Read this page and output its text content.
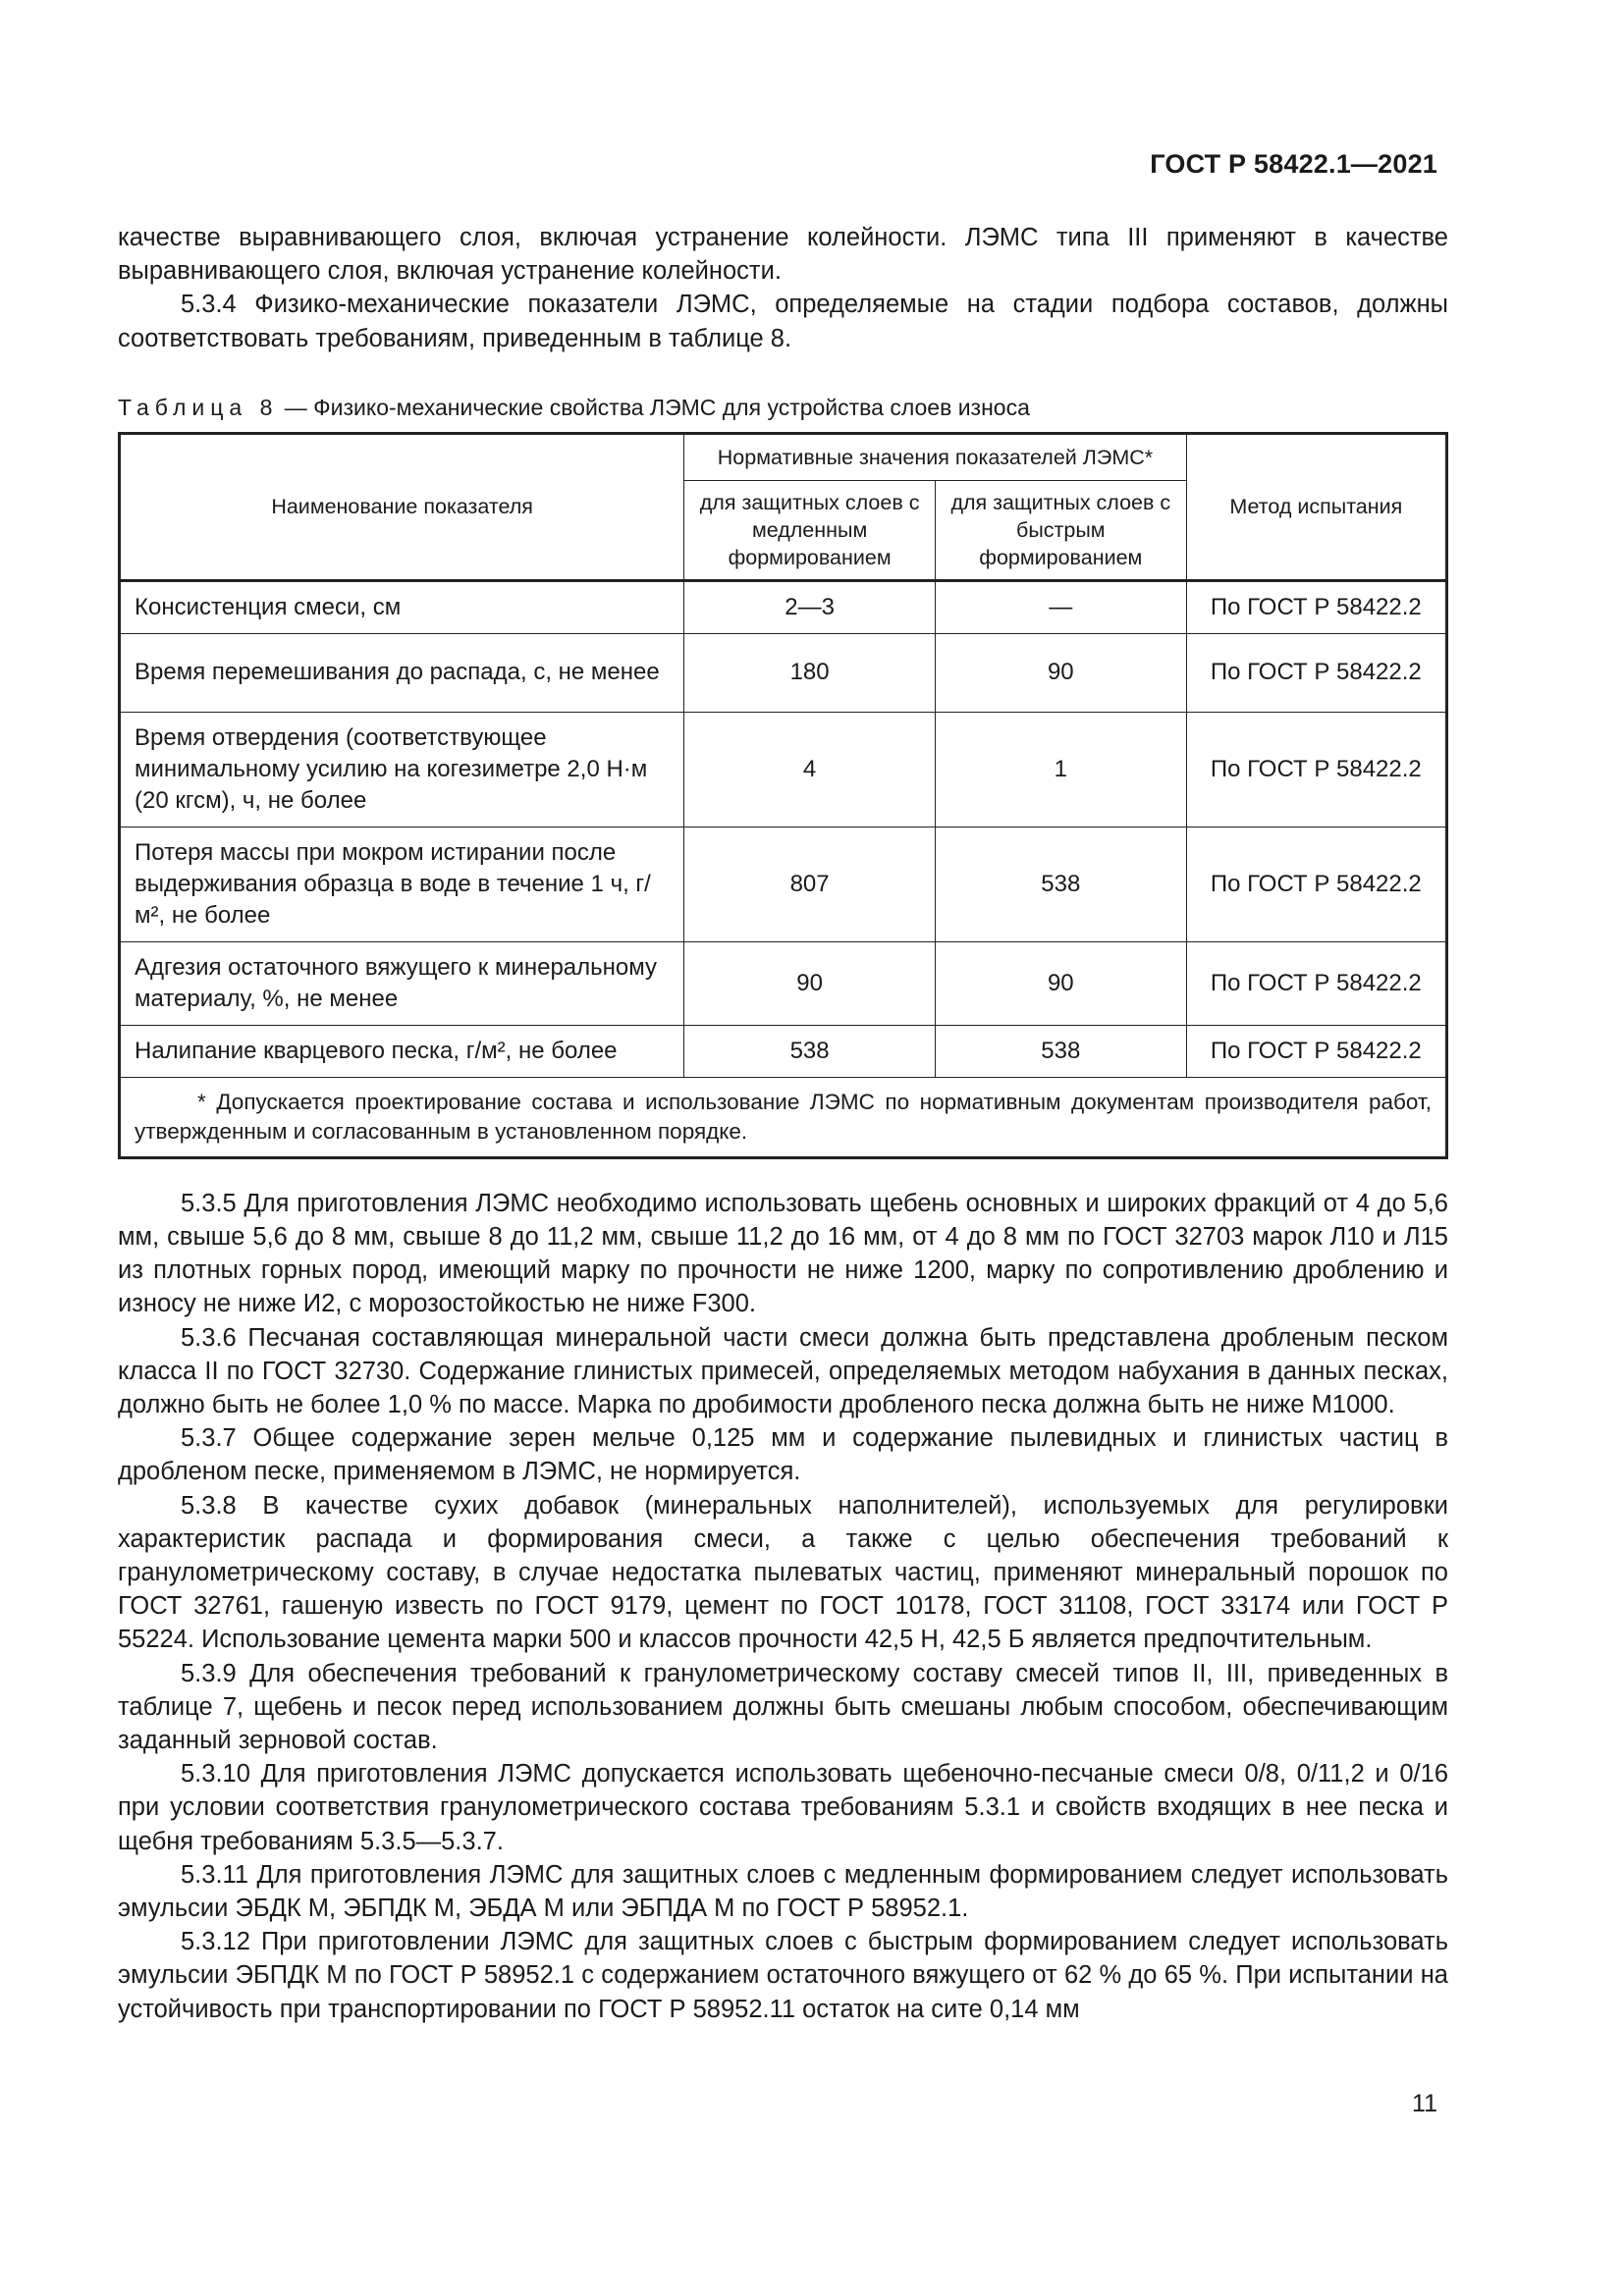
ГОСТ Р 58422.1—2021

качестве выравнивающего слоя, включая устранение колейности. ЛЭМС типа III применяют в качестве выравнивающего слоя, включая устранение колейности.

5.3.4 Физико-механические показатели ЛЭМС, определяемые на стадии подбора составов, должны соответствовать требованиям, приведенным в таблице 8.

Таблица 8 — Физико-механические свойства ЛЭМС для устройства слоев износа
Наименование показателя	Нормативные значения показателей ЛЭМС*		Метод испытания
	для защитных слоев с медленным формированием	для защитных слоев с быстрым формированием	
Консистенция смеси, см	2—3	—	По ГОСТ Р 58422.2
Время перемешивания до распада, с, не менее	180	90	По ГОСТ Р 58422.2
Время отвердения (соответствующее минимальному усилию на когезиметре 2,0 Н·м (20 кгсм), ч, не более	4	1	По ГОСТ Р 58422.2
Потеря массы при мокром истирании после выдерживания образца в воде в течение 1 ч, г/м², не более	807	538	По ГОСТ Р 58422.2
Адгезия остаточного вяжущего к минеральному материалу, %, не менее	90	90	По ГОСТ Р 58422.2
Налипание кварцевого песка, г/м², не более	538	538	По ГОСТ Р 58422.2
* Допускается проектирование состава и использование ЛЭМС по нормативным документам производителя работ, утвержденным и согласованным в установленном порядке.			

5.3.5 Для приготовления ЛЭМС необходимо использовать щебень основных и широких фракций от 4 до 5,6 мм, свыше 5,6 до 8 мм, свыше 8 до 11,2 мм, свыше 11,2 до 16 мм, от 4 до 8 мм по ГОСТ 32703 марок Л10 и Л15 из плотных горных пород, имеющий марку по прочности не ниже 1200, марку по сопротивлению дроблению и износу не ниже И2, с морозостойкостью не ниже F300.

5.3.6 Песчаная составляющая минеральной части смеси должна быть представлена дробленым песком класса II по ГОСТ 32730. Содержание глинистых примесей, определяемых методом набухания в данных песках, должно быть не более 1,0 % по массе. Марка по дробимости дробленого песка должна быть не ниже М1000.

5.3.7 Общее содержание зерен мельче 0,125 мм и содержание пылевидных и глинистых частиц в дробленом песке, применяемом в ЛЭМС, не нормируется.

5.3.8 В качестве сухих добавок (минеральных наполнителей), используемых для регулировки характеристик распада и формирования смеси, а также с целью обеспечения требований к гранулометрическому составу, в случае недостатка пылеватых частиц, применяют минеральный порошок по ГОСТ 32761, гашеную известь по ГОСТ 9179, цемент по ГОСТ 10178, ГОСТ 31108, ГОСТ 33174 или ГОСТ Р 55224. Использование цемента марки 500 и классов прочности 42,5 Н, 42,5 Б является предпочтительным.

5.3.9 Для обеспечения требований к гранулометрическому составу смесей типов II, III, приведенных в таблице 7, щебень и песок перед использованием должны быть смешаны любым способом, обеспечивающим заданный зерновой состав.

5.3.10 Для приготовления ЛЭМС допускается использовать щебеночно-песчаные смеси 0/8, 0/11,2 и 0/16 при условии соответствия гранулометрического состава требованиям 5.3.1 и свойств входящих в нее песка и щебня требованиям 5.3.5—5.3.7.

5.3.11 Для приготовления ЛЭМС для защитных слоев с медленным формированием следует использовать эмульсии ЭБДК М, ЭБПДК М, ЭБДА М или ЭБПДА М по ГОСТ Р 58952.1.

5.3.12 При приготовлении ЛЭМС для защитных слоев с быстрым формированием следует использовать эмульсии ЭБПДК М по ГОСТ Р 58952.1 с содержанием остаточного вяжущего от 62 % до 65 %. При испытании на устойчивость при транспортировании по ГОСТ Р 58952.11 остаток на сите 0,14 мм

11
